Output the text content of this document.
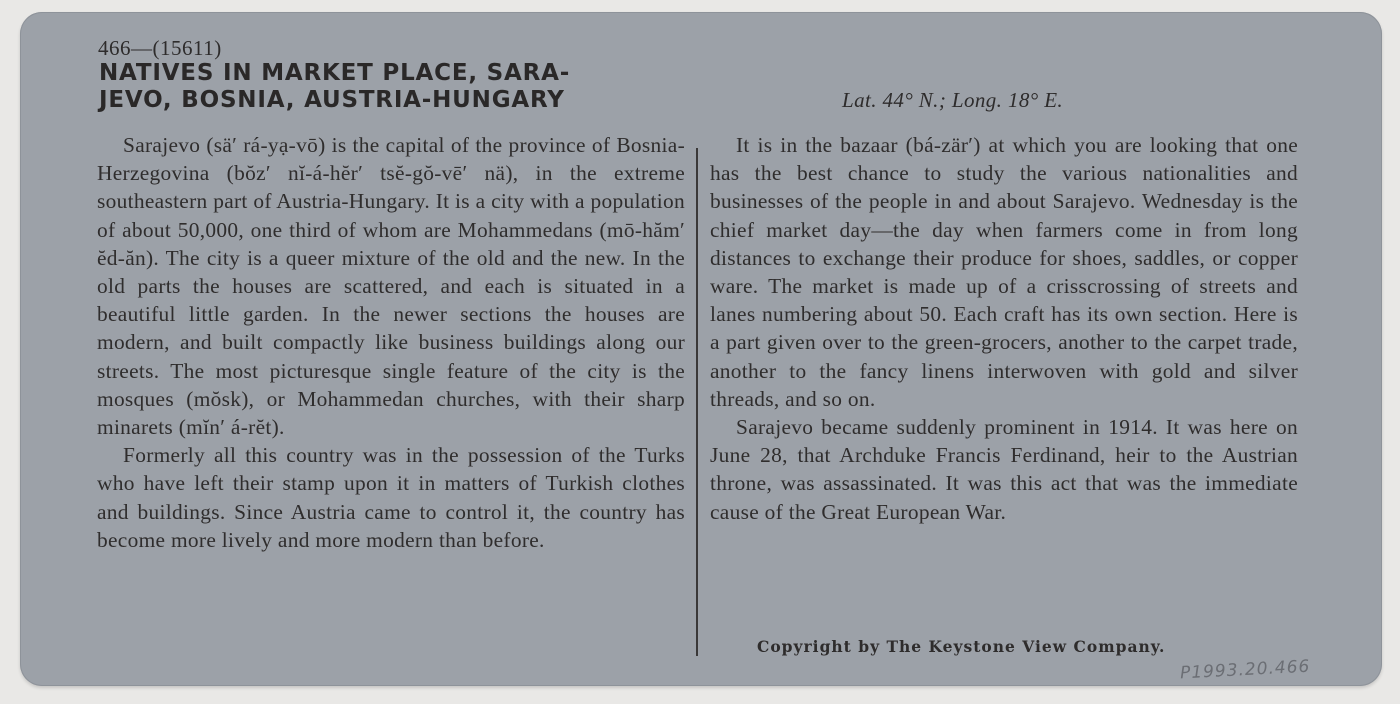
466—(15611)
NATIVES IN MARKET PLACE, SARA-
JEVO, BOSNIA, AUSTRIA-HUNGARY	Lat. 44° N.; Long. 18° E.

Sarajevo (sä′ rá-yạ-vō) is the capital of the province of Bosnia-Herzegovina (bŏz′ nĭ-á-hĕr′ tsĕ-gŏ-vē′ nä), in the extreme southeastern part of Austria-Hungary. It is a city with a population of about 50,000, one third of whom are Mohammedans (mō-hăm′ ĕd-ăn). The city is a queer mixture of the old and the new. In the old parts the houses are scattered, and each is situated in a beautiful little garden. In the newer sections the houses are modern, and built compactly like business buildings along our streets. The most picturesque single feature of the city is the mosques (mŏsk), or Mohammedan churches, with their sharp minarets (mĭn′ á-rĕt).

Formerly all this country was in the possession of the Turks who have left their stamp upon it in matters of Turkish clothes and buildings. Since Austria came to control it, the country has become more lively and more modern than before.

It is in the bazaar (bá-zär′) at which you are looking that one has the best chance to study the various nationalities and businesses of the people in and about Sarajevo. Wednesday is the chief market day—the day when farmers come in from long distances to exchange their produce for shoes, saddles, or copper ware. The market is made up of a crisscrossing of streets and lanes numbering about 50. Each craft has its own section. Here is a part given over to the green-grocers, another to the carpet trade, another to the fancy linens interwoven with gold and silver threads, and so on.

Sarajevo became suddenly prominent in 1914. It was here on June 28, that Archduke Francis Ferdinand, heir to the Austrian throne, was assassinated. It was this act that was the immediate cause of the Great European War.

Copyright by The Keystone View Company.
P1993.20.466
